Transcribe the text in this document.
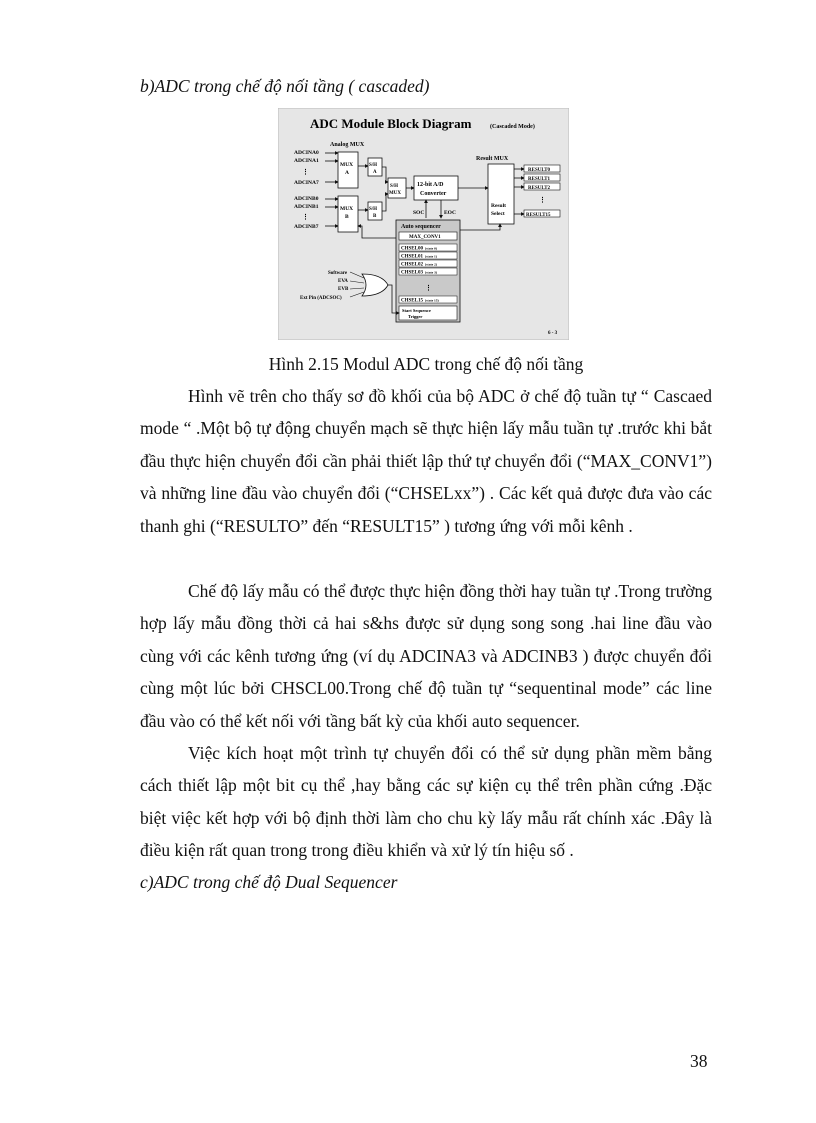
b)ADC trong chế độ nối tầng ( cascaded)
ADC Module Block Diagram	(Cascaded Mode)
Analog MUX
Result MUX
ADCINA0
ADCINA1
⋮
ADCINA7
ADCINB0
ADCINB1
⋮
ADCINB7
MUX
A
MUX
B
S/H
A
S/H
B
S/H
MUX
12-bit A/D
Converter
SOC	EOC
Result
Select
RESULT0
RESULT1
RESULT2
⋮
RESULT15
Auto sequencer
MAX_CONV1
CHSEL00 (state 0)
CHSEL01 (state 1)
CHSEL02 (state 2)
CHSEL03 (state 3)
CHSEL15 (state 15)
⋮
Start Sequence
Trigger
Software
EVA
EVB
Ext Pin (ADCSOC)
6 - 3
Hình 2.15 Modul ADC trong chế độ nối tầng

Hình vẽ trên cho thấy sơ đồ khối của bộ ADC ở chế độ tuần tự “ Cascaed mode “ .Một bộ tự động chuyển mạch sẽ thực hiện lấy mẫu tuần tự .trước khi bắt đầu thực hiện chuyển đổi cần phải thiết lập thứ tự chuyển đổi (“MAX_CONV1”) và những line đầu vào chuyển đổi (“CHSELxx”) . Các kết quả được đưa vào các thanh ghi (“RESULTO” đến “RESULT15” ) tương ứng với mỗi kênh .

Chế độ lấy mẫu có thể được thực hiện đồng thời hay tuần tự .Trong trường hợp lấy mẫu đồng thời cả hai s&hs được sử dụng song song .hai line đầu vào cùng với các kênh tương ứng (ví dụ ADCINA3 và ADCINB3 ) được chuyển đổi cùng một lúc bởi CHSCL00.Trong chế độ tuần tự “sequentinal mode” các line đầu vào có thể kết nối với tầng bất kỳ của khối auto sequencer.

Việc kích hoạt một trình tự chuyển đổi có thể sử dụng phần mềm bằng cách thiết lập một bit cụ thể ,hay bằng các sự kiện cụ thể trên phần cứng .Đặc biệt việc kết hợp với bộ định thời làm cho chu kỳ lấy mẫu rất chính xác .Đây là điều kiện rất quan trong trong điều khiển và xử lý tín hiệu số .

c)ADC trong chế độ Dual Sequencer
38
